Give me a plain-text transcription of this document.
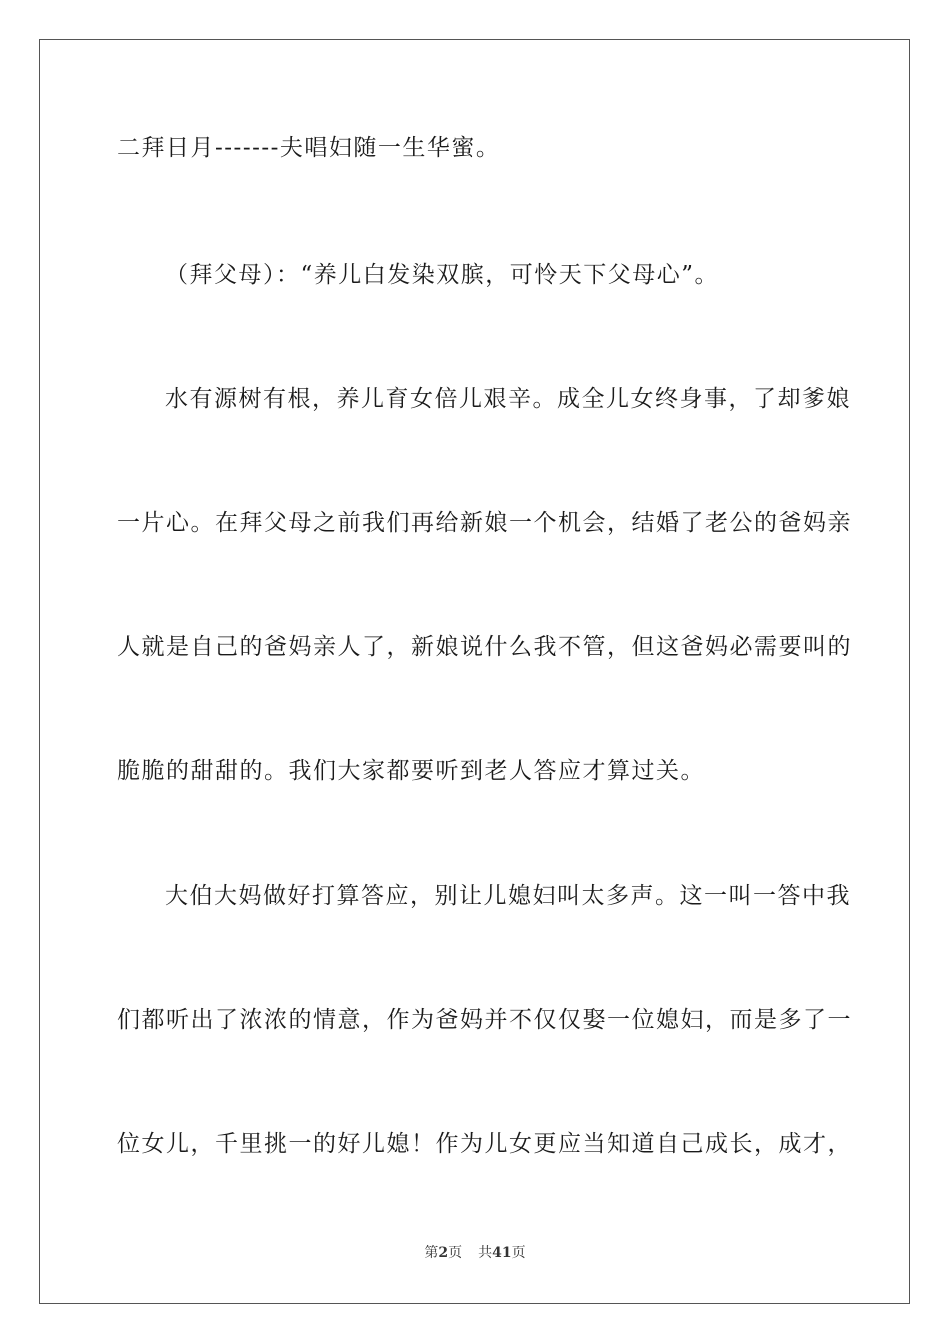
二拜日月-------夫唱妇随一生华蜜。
（拜父母）：“养儿白发染双膑，可怜天下父母心”。
水有源树有根，养儿育女倍儿艰辛。成全儿女终身事，了却爹娘
一片心。在拜父母之前我们再给新娘一个机会，结婚了老公的爸妈亲
人就是自己的爸妈亲人了，新娘说什么我不管，但这爸妈必需要叫的
脆脆的甜甜的。我们大家都要听到老人答应才算过关。
大伯大妈做好打算答应，别让儿媳妇叫太多声。这一叫一答中我
们都听出了浓浓的情意，作为爸妈并不仅仅娶一位媳妇，而是多了一
位女儿，千里挑一的好儿媳！作为儿女更应当知道自己成长，成才，
第2页 共41页
